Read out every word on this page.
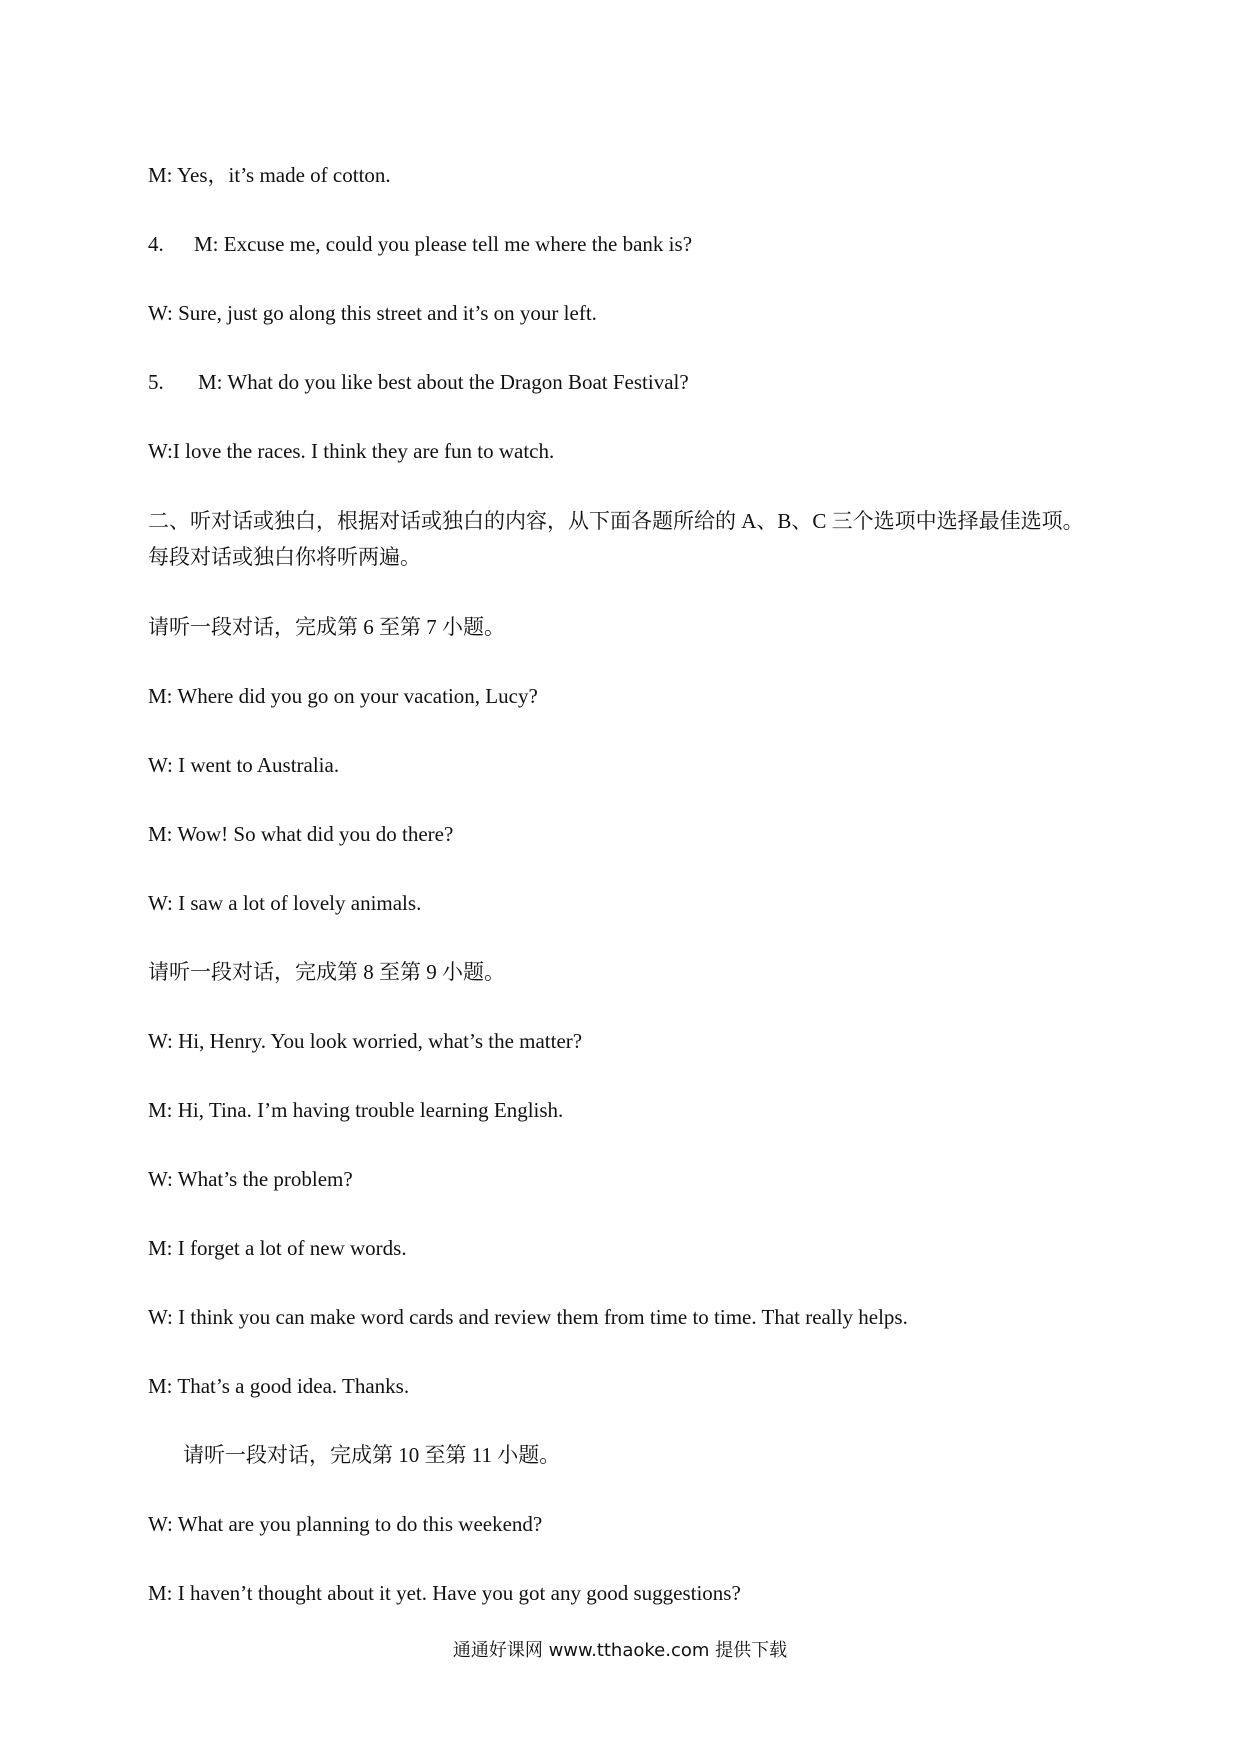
M: Yes，it’s made of cotton.
4. M: Excuse me, could you please tell me where the bank is?
W: Sure, just go along this street and it’s on your left.
5. M: What do you like best about the Dragon Boat Festival?
W:I love the races. I think they are fun to watch.
二、听对话或独白，根据对话或独白的内容，从下面各题所给的 A、B、C 三个选项中选择最佳选项。每段对话或独白你将听两遍。
请听一段对话，完成第 6 至第 7 小题。
M: Where did you go on your vacation, Lucy?
W: I went to Australia.
M: Wow! So what did you do there?
W: I saw a lot of lovely animals.
请听一段对话，完成第 8 至第 9 小题。
W: Hi, Henry. You look worried, what’s the matter?
M: Hi, Tina. I’m having trouble learning English.
W: What’s the problem?
M: I forget a lot of new words.
W: I think you can make word cards and review them from time to time. That really helps.
M: That’s a good idea. Thanks.
请听一段对话，完成第 10 至第 11 小题。
W: What are you planning to do this weekend?
M: I haven’t thought about it yet. Have you got any good suggestions?
通通好课网 www.tthaoke.com 提供下载
